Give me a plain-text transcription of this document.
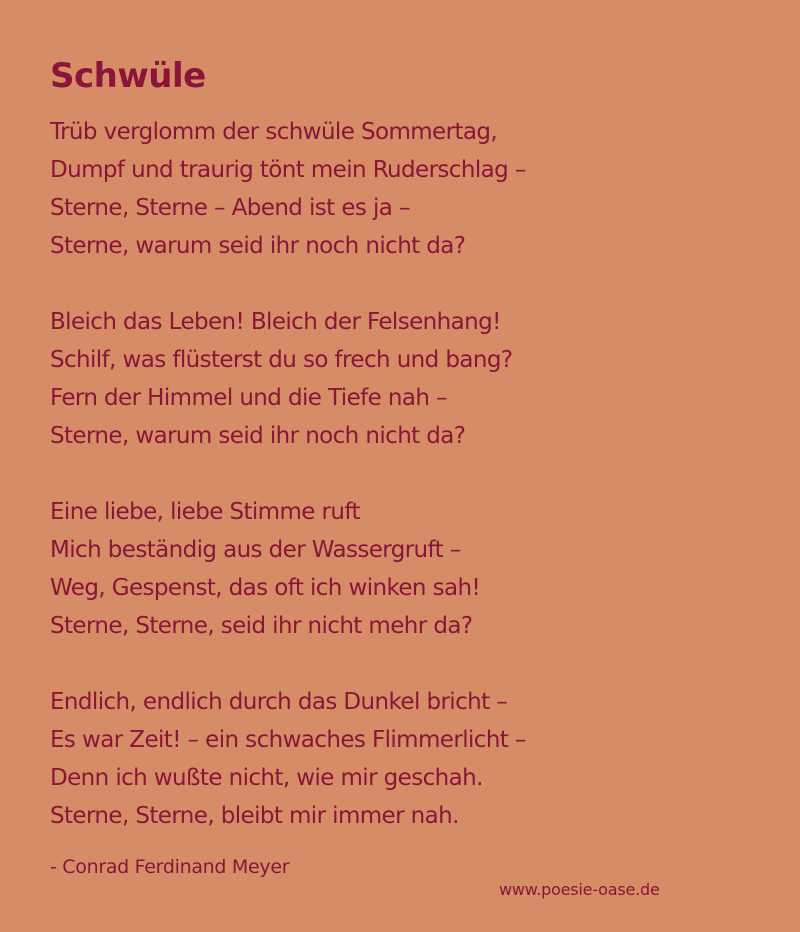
Schwüle
Trüb verglomm der schwüle Sommertag,
Dumpf und traurig tönt mein Ruderschlag –
Sterne, Sterne – Abend ist es ja –
Sterne, warum seid ihr noch nicht da?
Bleich das Leben! Bleich der Felsenhang!
Schilf, was flüsterst du so frech und bang?
Fern der Himmel und die Tiefe nah –
Sterne, warum seid ihr noch nicht da?
Eine liebe, liebe Stimme ruft
Mich beständig aus der Wassergruft –
Weg, Gespenst, das oft ich winken sah!
Sterne, Sterne, seid ihr nicht mehr da?
Endlich, endlich durch das Dunkel bricht –
Es war Zeit! – ein schwaches Flimmerlicht –
Denn ich wußte nicht, wie mir geschah.
Sterne, Sterne, bleibt mir immer nah.
- Conrad Ferdinand Meyer
www.poesie-oase.de
